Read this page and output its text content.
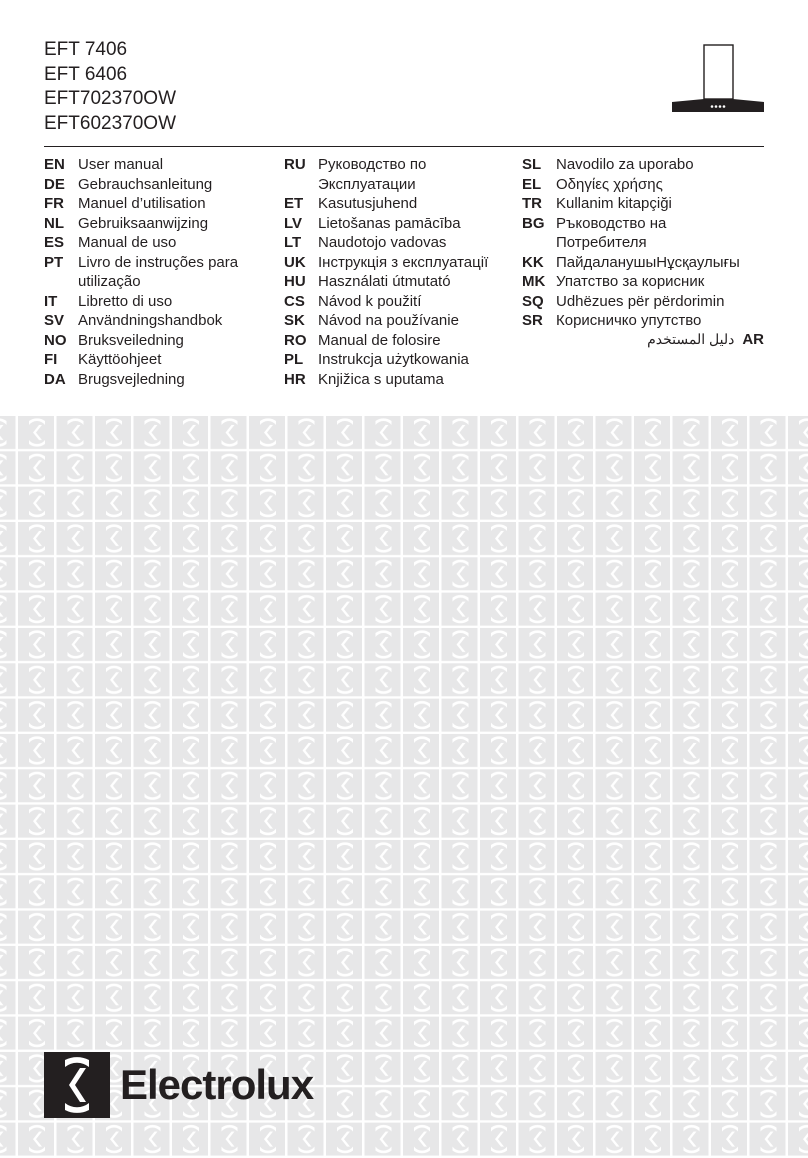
EFT 7406
EFT 6406
EFT702370OW
EFT602370OW
EN User manual
DE Gebrauchsanleitung
FR Manuel d’utilisation
NL Gebruiksaanwijzing
ES Manual de uso
PT Livro de instruções para
utilização
IT	Libretto di uso
SV Användningshandbok
NO Bruksveiledning
FI	Käyttöohjeet
DA Brugsvejledning
RU Руководство по
Эксплуатации
ET Kasutusjuhend
LV	Lietošanas pamācība
LT	Naudotojo vadovas
UK Інструкція з експлуатації
HU Használati útmutató
CS Návod k použití
SK Návod na používanie
RO Manual de folosire
PL Instrukcja użytkowania
HR Knjižica s uputama
SL Navodilo za uporabo
EL Οδηγίες χρήσης
TR Kullanim kitapçiği
BG Ръководство на
Потребителя
KK ПайдаланушыНұсқаулығы
MK Упатство за корисник
SQ Udhëzues për përdorimin
SR Корисничко упутство
دليل المستخدم AR
Electrolux
